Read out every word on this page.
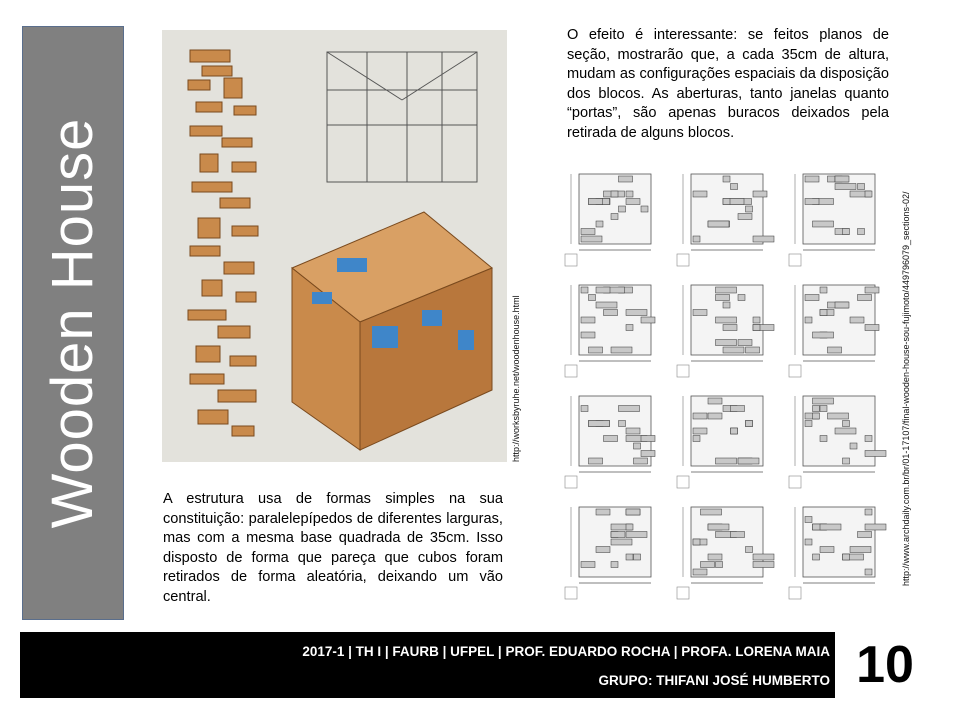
Wooden House	http://worksbyruhe.net/woodenhouse.html

O efeito é interessante: se feitos planos de seção, mostrarão que, a cada 35cm de altura, mudam as configurações espaciais da disposição dos blocos. As aberturas, tanto janelas quanto “portas”, são apenas buracos deixados pela retirada de alguns blocos.

http://www.archdaily.com.br/br/01-17107/final-wooden-house-sou-fujimoto/449796079_sections-02/

A estrutura usa de formas simples na sua constituição: paralelepípedos de diferentes larguras, mas com a mesma base quadrada de 35cm. Isso disposto de forma que pareça que cubos foram retirados de forma aleatória, deixando um vão central.

2017-1 | TH I | FAURB | UFPEL | PROF. EDUARDO ROCHA | PROFA. LORENA MAIA
GRUPO: THIFANI JOSÉ HUMBERTO 10
